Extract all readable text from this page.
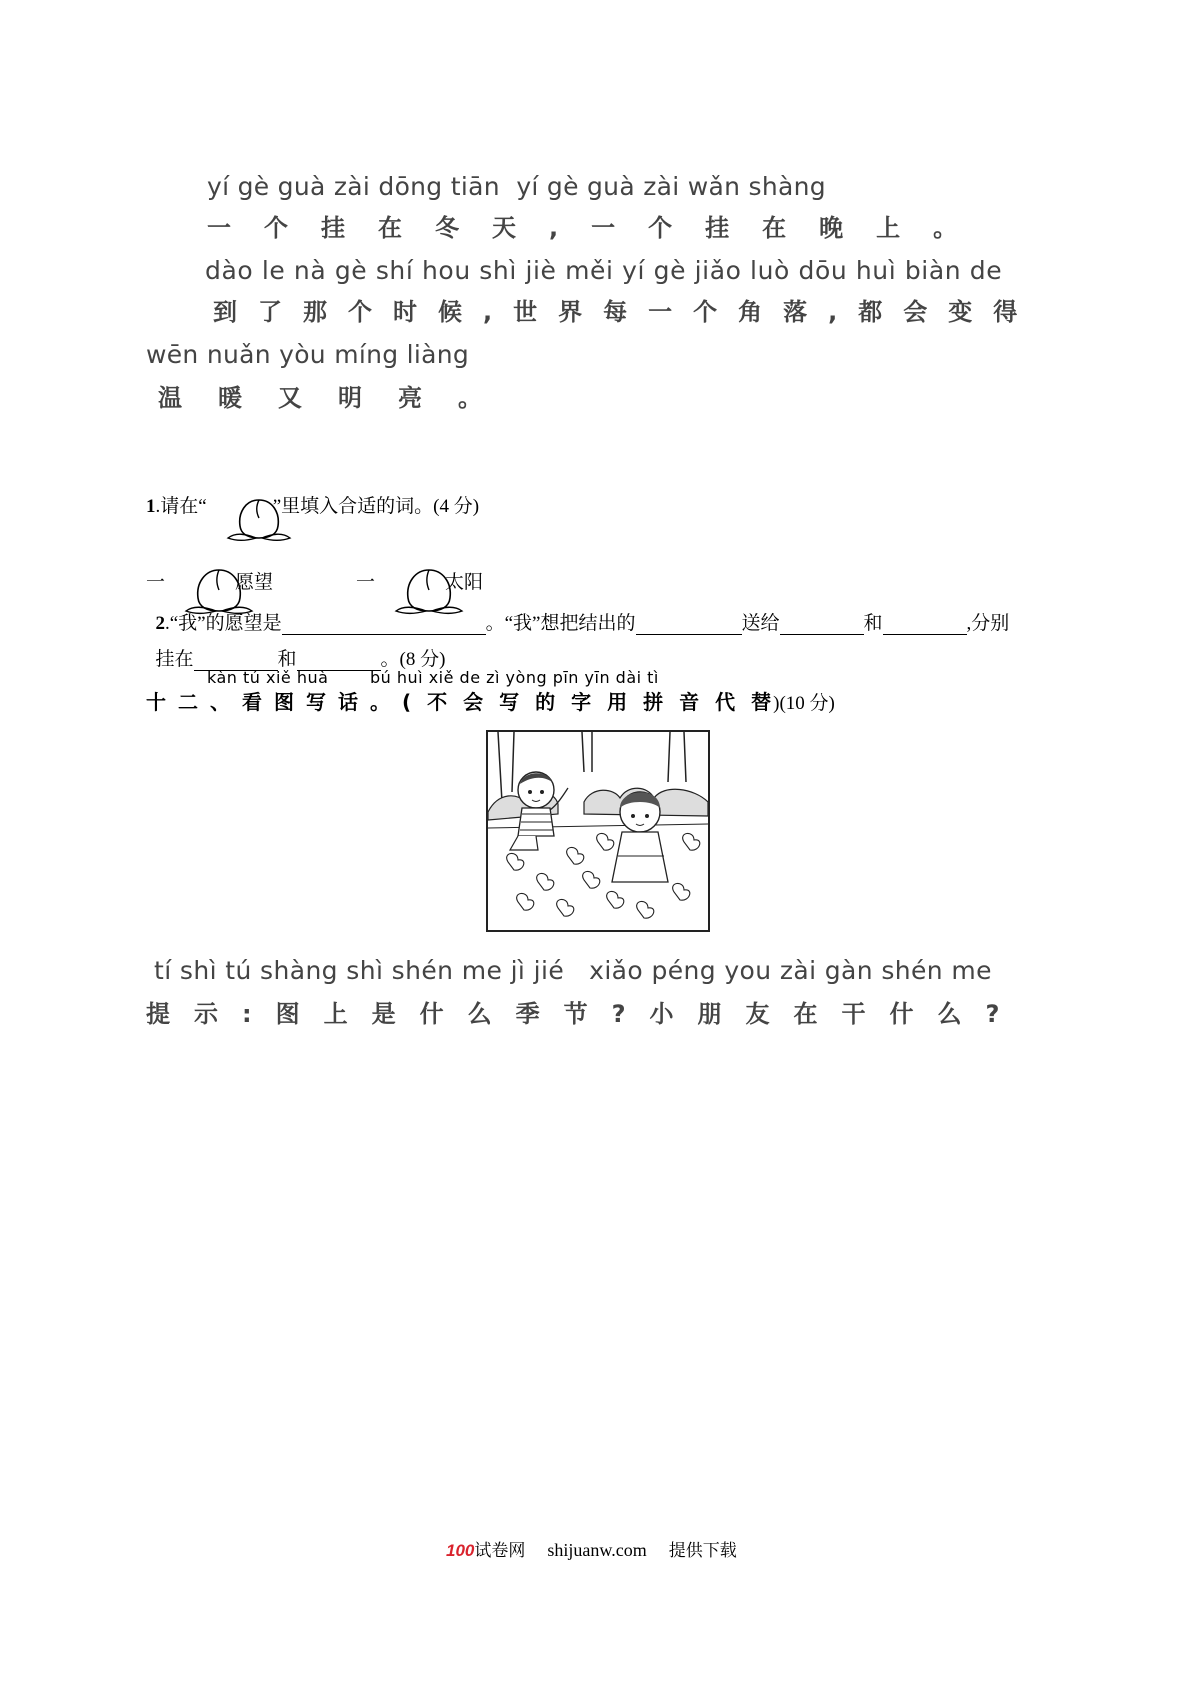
yí gè guà zài dōng tiān  yí gè guà zài wǎn shàng
一个挂在冬天,一个挂在晚上。
dào le nà gè shí hou shì jiè měi yí gè jiǎo luò dōu huì biàn de
到了那个时候,世界每一个角落,都会变得
wēn nuǎn yòu míng liàng
温暖又明亮。
1 .请在“

	”里填入合适的词。(4 分)
一

	愿望	一

	太阳

2.“我”的愿望是	。“我”想把结出的	送给	和	,分别

挂在	和	。(8 分)

kàn tú xiě huà	bú huì xiě de zì yòng pīn yīn dài tì
十二、看图写话。 (不会写的字用拼音代替
)(10 分)
tí shì tú shàng shì shén me jì jié   xiǎo péng you zài gàn shén me
提示:图上是什么季节?小朋友在干什么?
100 试卷网 shijuanw.com 提供下载
